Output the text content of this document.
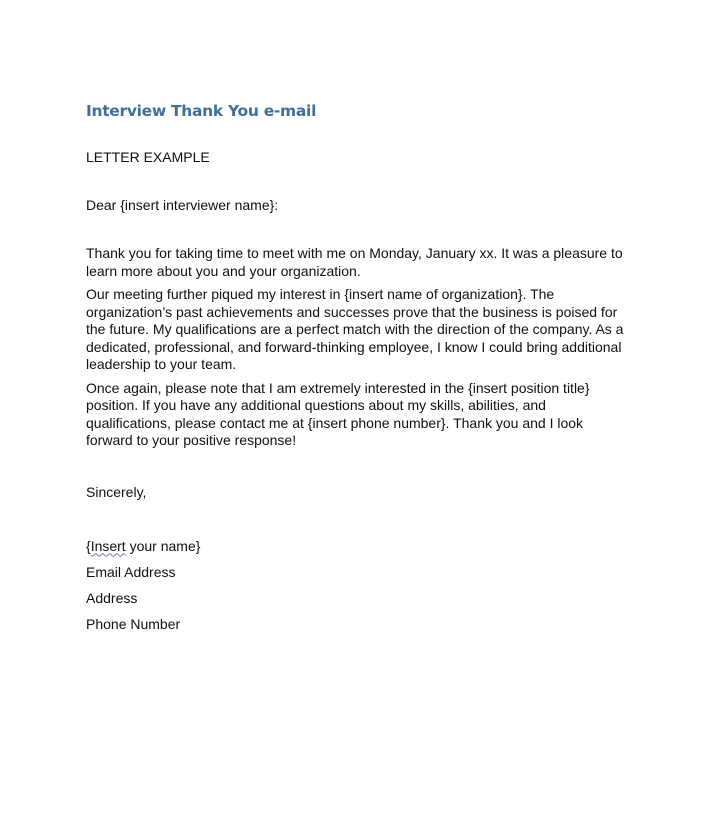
Interview Thank You e-mail

LETTER EXAMPLE

Dear {insert interviewer name}:

Thank you for taking time to meet with me on Monday, January xx. It was a pleasure to learn more about you and your organization.

Our meeting further piqued my interest in {insert name of organization}. The organization’s past achievements and successes prove that the business is poised for the future. My qualifications are a perfect match with the direction of the company. As a dedicated, professional, and forward-thinking employee, I know I could bring additional leadership to your team.

Once again, please note that I am extremely interested in the {insert position title} position. If you have any additional questions about my skills, abilities, and qualifications, please contact me at {insert phone number}. Thank you and I look forward to your positive response!

Sincerely,

{Insert your name}

Email Address

Address

Phone Number
